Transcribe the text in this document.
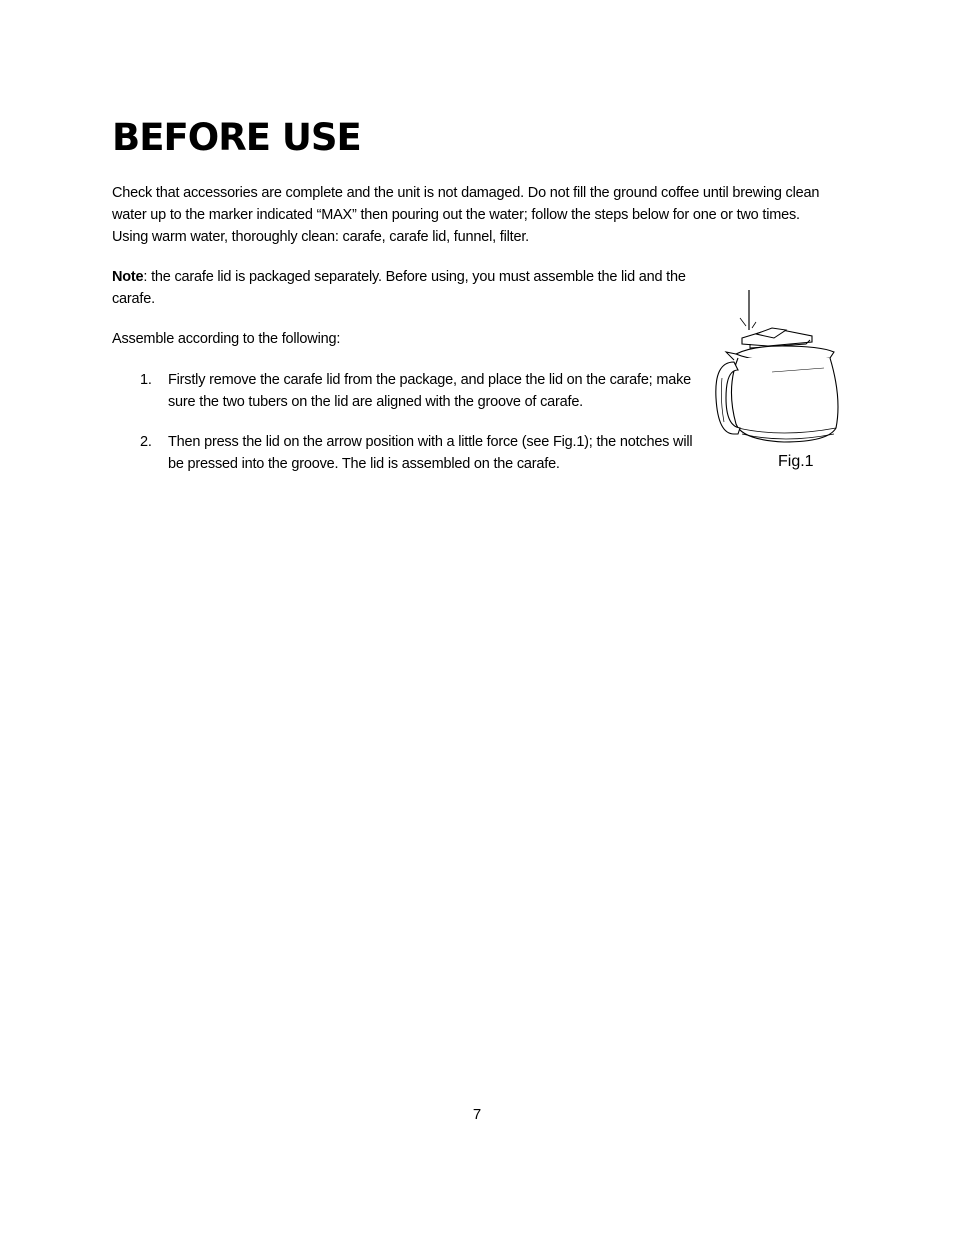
BEFORE USE

Check that accessories are complete and the unit is not damaged. Do not fill the ground coffee until brewing clean water up to the marker indicated “MAX” then pouring out the water; follow the steps below for one or two times. Using warm water, thoroughly clean: carafe, carafe lid, funnel, filter.

Note: the carafe lid is packaged separately. Before using, you must assemble the lid and the carafe.

Assemble according to the following:

1.	Firstly remove the carafe lid from the package, and place the lid on the carafe; make sure the two tubers on the lid are aligned with the groove of carafe.
2.	Then press the lid on the arrow position with a little force (see Fig.1); the notches will be pressed into the groove. The lid is assembled on the carafe.	Fig.1
7
